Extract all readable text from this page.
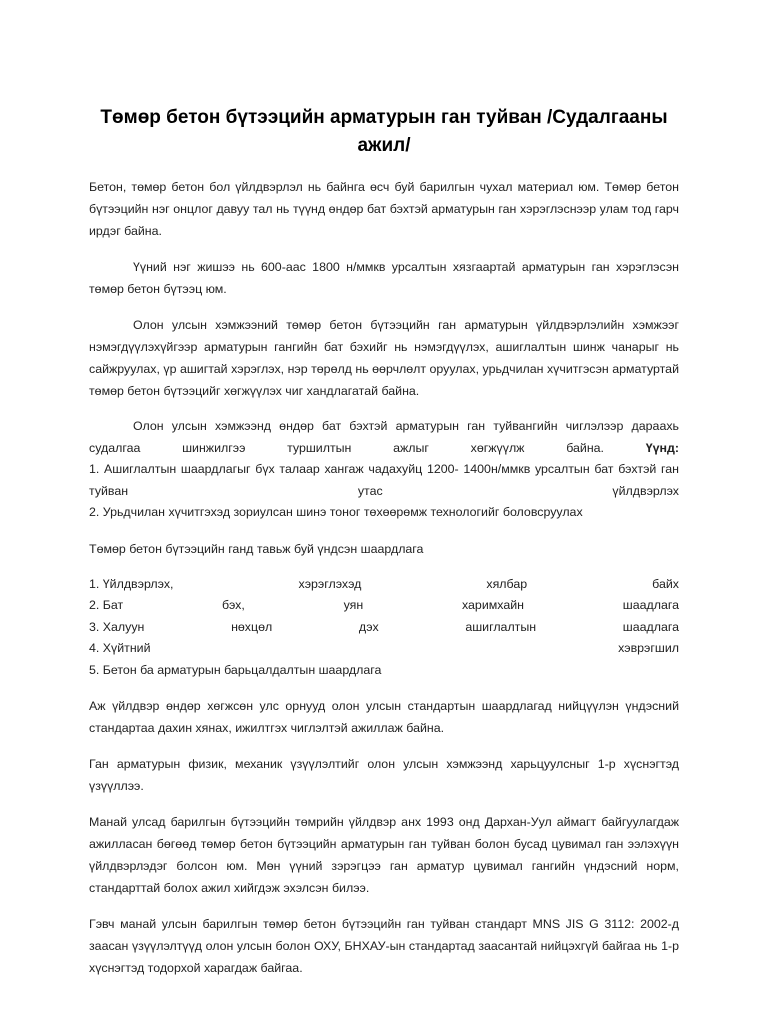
Төмөр бетон бүтээцийн арматурын ган туйван /Судалгааны ажил/

Бетон, төмөр бетон бол үйлдвэрлэл нь байнга өсч буй барилгын чухал материал юм. Төмөр бетон бүтээцийн нэг онцлог давуу тал нь түүнд өндөр бат бэхтэй арматурын ган хэрэглэснээр улам тод гарч ирдэг байна.

Үүний нэг жишээ нь 600-аас 1800 н/ммкв урсалтын хязгаартай арматурын ган хэрэглэсэн төмөр бетон бүтээц юм.

Олон улсын хэмжээний төмөр бетон бүтээцийн ган арматурын үйлдвэрлэлийн хэмжээг нэмэгдүүлэхүйгээр арматурын гангийн бат бэхийг нь нэмэгдүүлэх, ашиглалтын шинж чанарыг нь сайжруулах, үр ашигтай хэрэглэх, нэр төрөлд нь өөрчлөлт оруулах, урьдчилан хүчитгэсэн арматуртай төмөр бетон бүтээцийг хөгжүүлэх чиг хандлагатай байна.

Олон улсын хэмжээнд өндөр бат бэхтэй арматурын ган туйвангийн чиглэлээр дараахь судалгаа шинжилгээ туршилтын ажлыг хөгжүүлж байна.	Үүнд:
1. Ашиглалтын шаардлагыг бүх талаар хангаж чадахуйц 1200- 1400н/ммкв урсалтын бат бэхтэй ган туйван утас үйлдвэрлэх
2. Урьдчилан хүчитгэхэд зориулсан шинэ тоног төхөөрөмж технологийг боловсруулах

Төмөр бетон бүтээцийн ганд тавьж буй үндсэн шаардлага

1. Үйлдвэрлэх,	хэрэглэхэд	хялбар	байх
2. Бат	бэх,	уян	харимхайн	шаадлага
3. Халуун	нөхцөл	дэх	ашиглалтын	шаадлага
4. Хүйтний	хэврэгшил
5. Бетон ба арматурын барьцалдалтын шаардлага

Аж үйлдвэр өндөр хөгжсөн улс орнууд олон улсын стандартын шаардлагад нийцүүлэн үндэсний стандартаа дахин хянах, ижилтгэх чиглэлтэй ажиллаж байна.

Ган арматурын физик, механик үзүүлэлтийг олон улсын хэмжээнд харьцуулсныг 1-р хүснэгтэд үзүүллээ.

Манай улсад барилгын бүтээцийн төмрийн үйлдвэр анх 1993 онд Дархан-Уул аймагт байгуулагдаж ажилласан бөгөөд төмөр бетон бүтээцийн арматурын ган туйван болон бусад цувимал ган ээлэхүүн үйлдвэрлэдэг болсон юм. Мөн үүний зэрэгцээ ган арматур цувимал гангийн үндэсний норм, стандарттай болох ажил хийгдэж эхэлсэн билээ.

Гэвч манай улсын барилгын төмөр бетон бүтээцийн ган туйван стандарт MNS JIS G 3112: 2002-д заасан үзүүлэлтүүд олон улсын болон ОХУ, БНХАУ-ын стандартад заасантай нийцэхгүй байгаа нь 1-р хүснэгтэд тодорхой харагдаж байгаа.
